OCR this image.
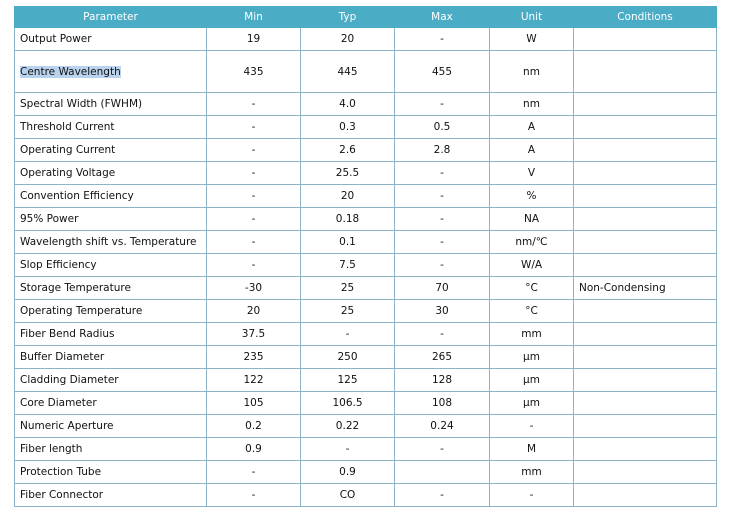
Parameter	Min	Typ	Max	Unit	Conditions
Output Power	19	20	-	W	
Centre Wavelength	435	445	455	nm	
Spectral Width (FWHM)	-	4.0	-	nm	
Threshold Current	-	0.3	0.5	A	
Operating Current	-	2.6	2.8	A	
Operating Voltage	-	25.5	-	V	
Convention Efficiency	-	20	-	%	
95% Power	-	0.18	-	NA	
Wavelength shift vs. Temperature	-	0.1	-	nm/℃	
Slop Efficiency	-	7.5	-	W/A	
Storage Temperature	-30	25	70	°C	Non-Condensing
Operating Temperature	20	25	30	°C	
Fiber Bend Radius	37.5	-	-	mm	
Buffer Diameter	235	250	265	μm	
Cladding Diameter	122	125	128	μm	
Core Diameter	105	106.5	108	μm	
Numeric Aperture	0.2	0.22	0.24	-	
Fiber length	0.9	-	-	M	
Protection Tube	-	0.9		mm	
Fiber Connector	-	CO	-	-	
